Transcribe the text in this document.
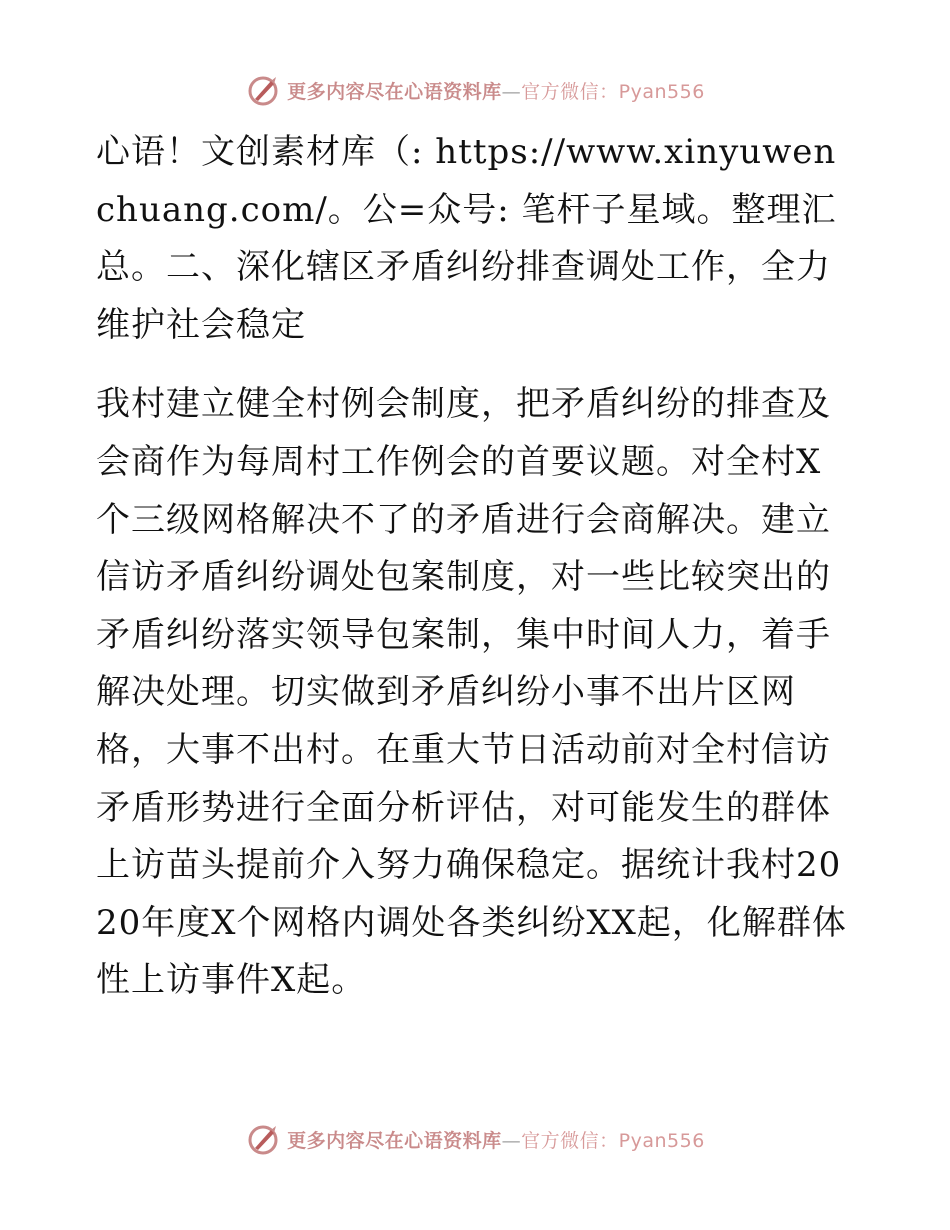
更多内容尽在心语资料库—官方微信：Pyan556

心语！文创素材库（: https://www.xinyuwenchuang.com/。公=众号: 笔杆子星域。整理汇总。二、深化辖区矛盾纠纷排查调处工作，全力维护社会稳定

我村建立健全村例会制度，把矛盾纠纷的排查及会商作为每周村工作例会的首要议题。对全村X个三级网格解决不了的矛盾进行会商解决。建立信访矛盾纠纷调处包案制度，对一些比较突出的矛盾纠纷落实领导包案制，集中时间人力，着手解决处理。切实做到矛盾纠纷小事不出片区网格，大事不出村。在重大节日活动前对全村信访矛盾形势进行全面分析评估，对可能发生的群体上访苗头提前介入努力确保稳定。据统计我村2020年度X个网格内调处各类纠纷XX起，化解群体性上访事件X起。

更多内容尽在心语资料库—官方微信：Pyan556
